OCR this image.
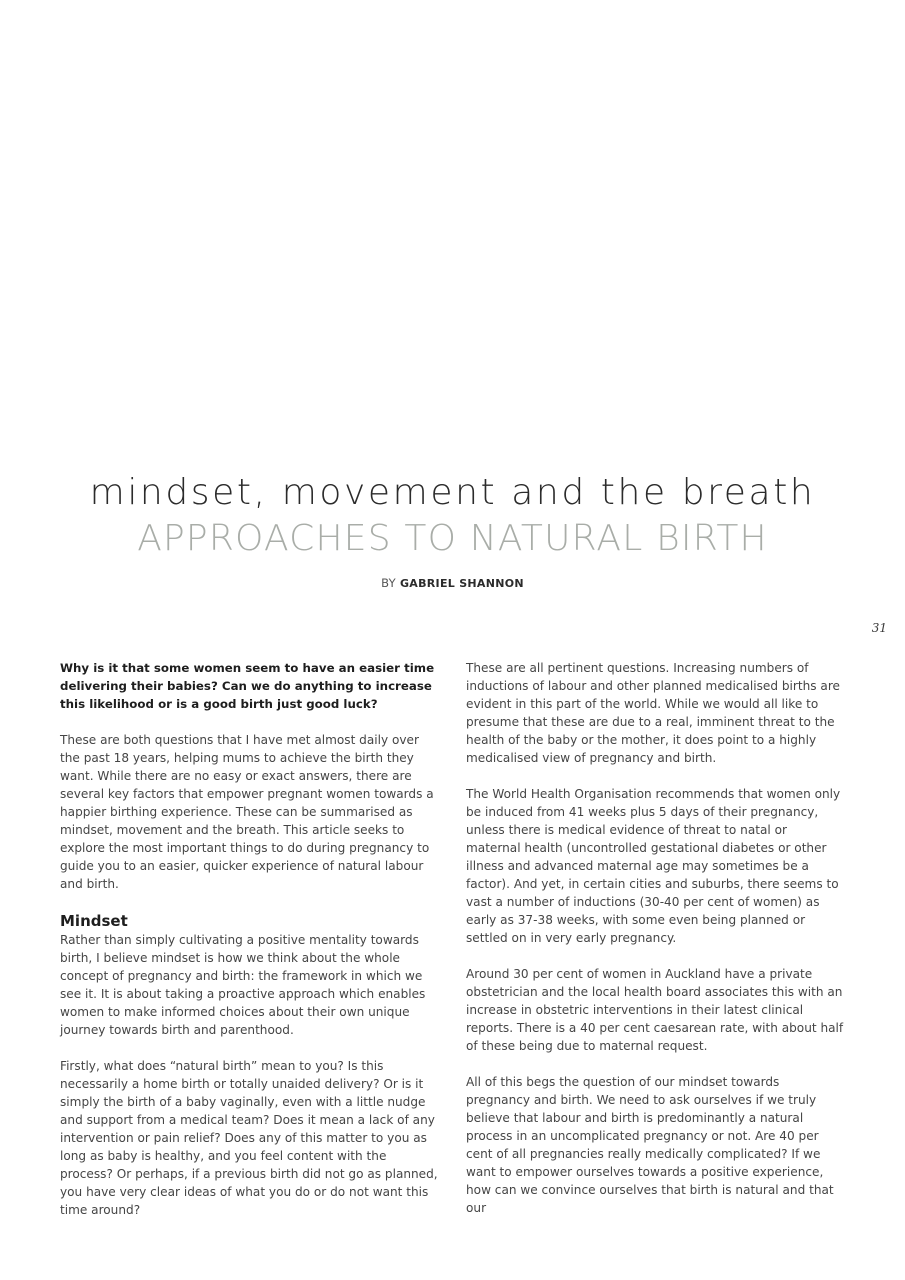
mindset, movement and the breath
APPROACHES TO NATURAL BIRTH
BY GABRIEL SHANNON
31

Why is it that some women seem to have an easier time delivering their babies? Can we do anything to increase this likelihood or is a good birth just good luck?

These are both questions that I have met almost daily over the past 18 years, helping mums to achieve the birth they want. While there are no easy or exact answers, there are several key factors that empower pregnant women towards a happier birthing experience. These can be summarised as mindset, movement and the breath. This article seeks to explore the most important things to do during pregnancy to guide you to an easier, quicker experience of natural labour and birth.

Mindset

Rather than simply cultivating a positive mentality towards birth, I believe mindset is how we think about the whole concept of pregnancy and birth: the framework in which we see it. It is about taking a proactive approach which enables women to make informed choices about their own unique journey towards birth and parenthood.

Firstly, what does “natural birth” mean to you? Is this necessarily a home birth or totally unaided delivery? Or is it simply the birth of a baby vaginally, even with a little nudge and support from a medical team? Does it mean a lack of any intervention or pain relief? Does any of this matter to you as long as baby is healthy, and you feel content with the process? Or perhaps, if a previous birth did not go as planned, you have very clear ideas of what you do or do not want this time around?

These are all pertinent questions. Increasing numbers of inductions of labour and other planned medicalised births are evident in this part of the world. While we would all like to presume that these are due to a real, imminent threat to the health of the baby or the mother, it does point to a highly medicalised view of pregnancy and birth.

The World Health Organisation recommends that women only be induced from 41 weeks plus 5 days of their pregnancy, unless there is medical evidence of threat to natal or maternal health (uncontrolled gestational diabetes or other illness and advanced maternal age may sometimes be a factor). And yet, in certain cities and suburbs, there seems to vast a number of inductions (30-40 per cent of women) as early as 37-38 weeks, with some even being planned or settled on in very early pregnancy.

Around 30 per cent of women in Auckland have a private obstetrician and the local health board associates this with an increase in obstetric interventions in their latest clinical reports. There is a 40 per cent caesarean rate, with about half of these being due to maternal request.

All of this begs the question of our mindset towards pregnancy and birth. We need to ask ourselves if we truly believe that labour and birth is predominantly a natural process in an uncomplicated pregnancy or not. Are 40 per cent of all pregnancies really medically complicated? If we want to empower ourselves towards a positive experience, how can we convince ourselves that birth is natural and that our
